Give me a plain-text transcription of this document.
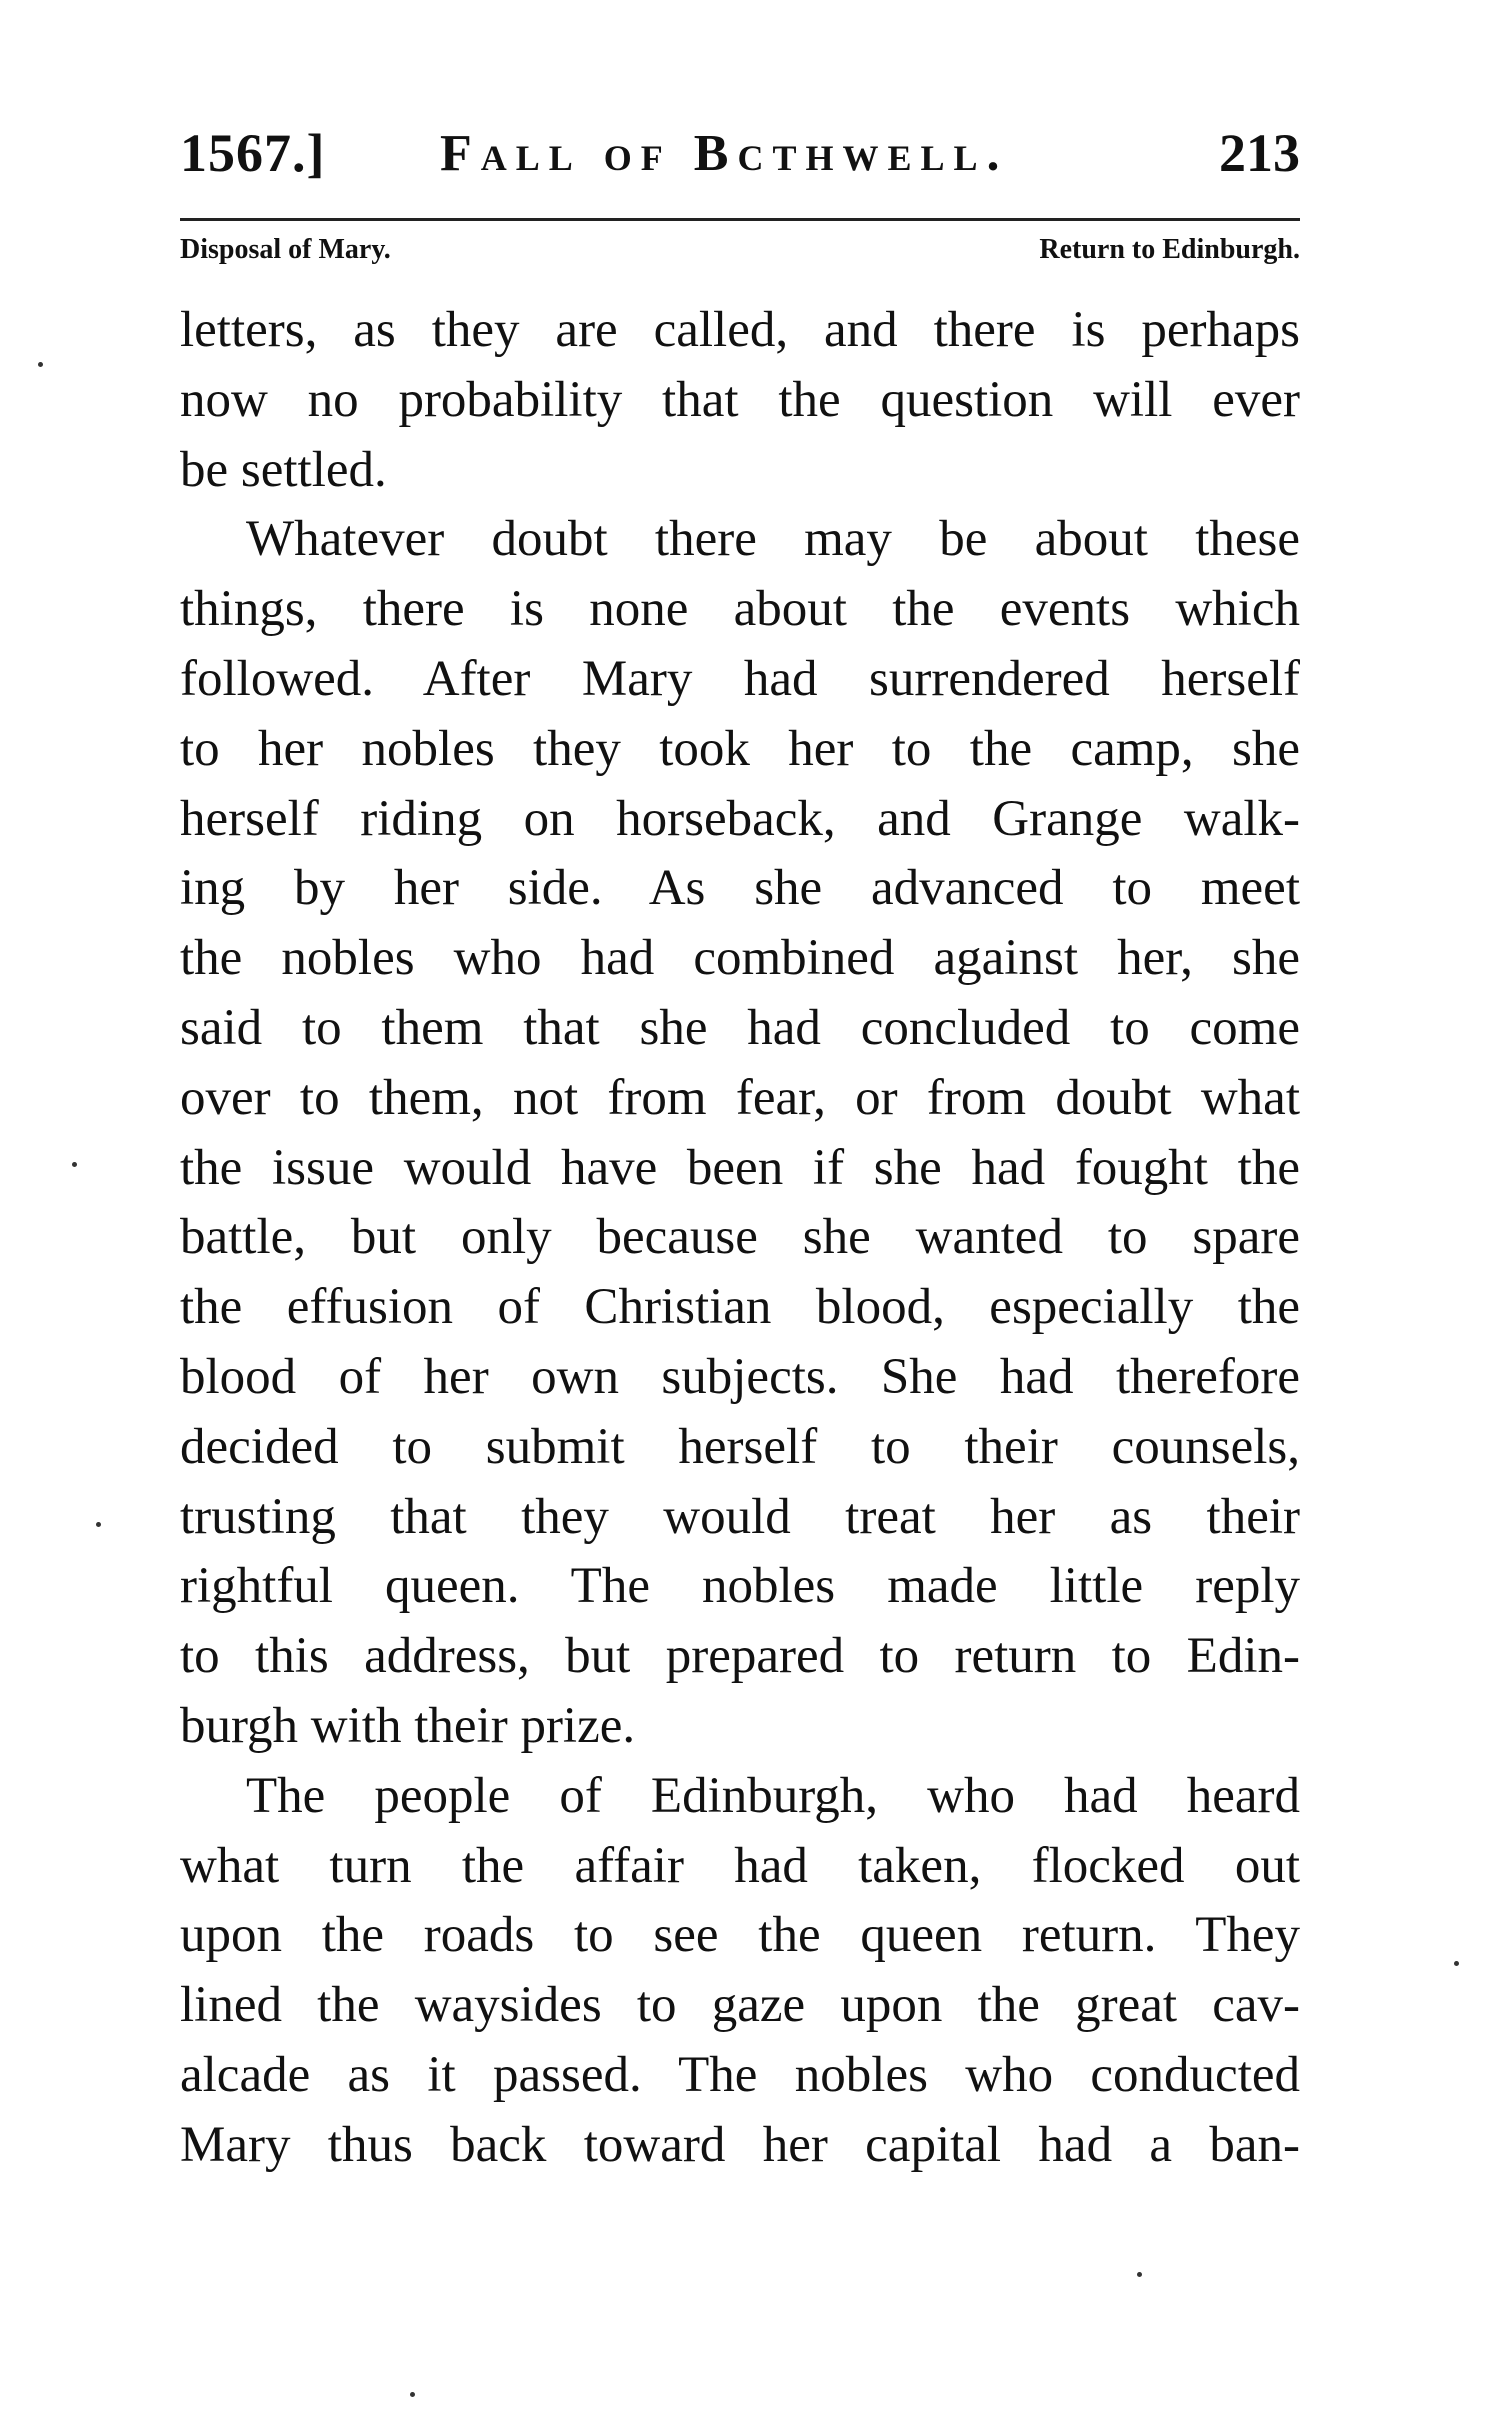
1567.] Fall of Bcthwell.	213
Disposal of Mary.	Return to Edinburgh.
letters, as they are called, and there is perhaps
now no probability that the question will ever
be settled.
Whatever doubt there may be about these
things, there is none about the events which
followed. After Mary had surrendered herself
to her nobles they took her to the camp, she
herself riding on horseback, and Grange walk-
ing by her side. As she advanced to meet
the nobles who had combined against her, she
said to them that she had concluded to come
over to them, not from fear, or from doubt what
the issue would have been if she had fought the
battle, but only because she wanted to spare
the effusion of Christian blood, especially the
blood of her own subjects. She had therefore
decided to submit herself to their counsels,
trusting that they would treat her as their
rightful queen. The nobles made little reply
to this address, but prepared to return to Edin-
burgh with their prize.
The people of Edinburgh, who had heard
what turn the affair had taken, flocked out
upon the roads to see the queen return. They
lined the waysides to gaze upon the great cav-
alcade as it passed. The nobles who conducted
Mary thus back toward her capital had a ban-
